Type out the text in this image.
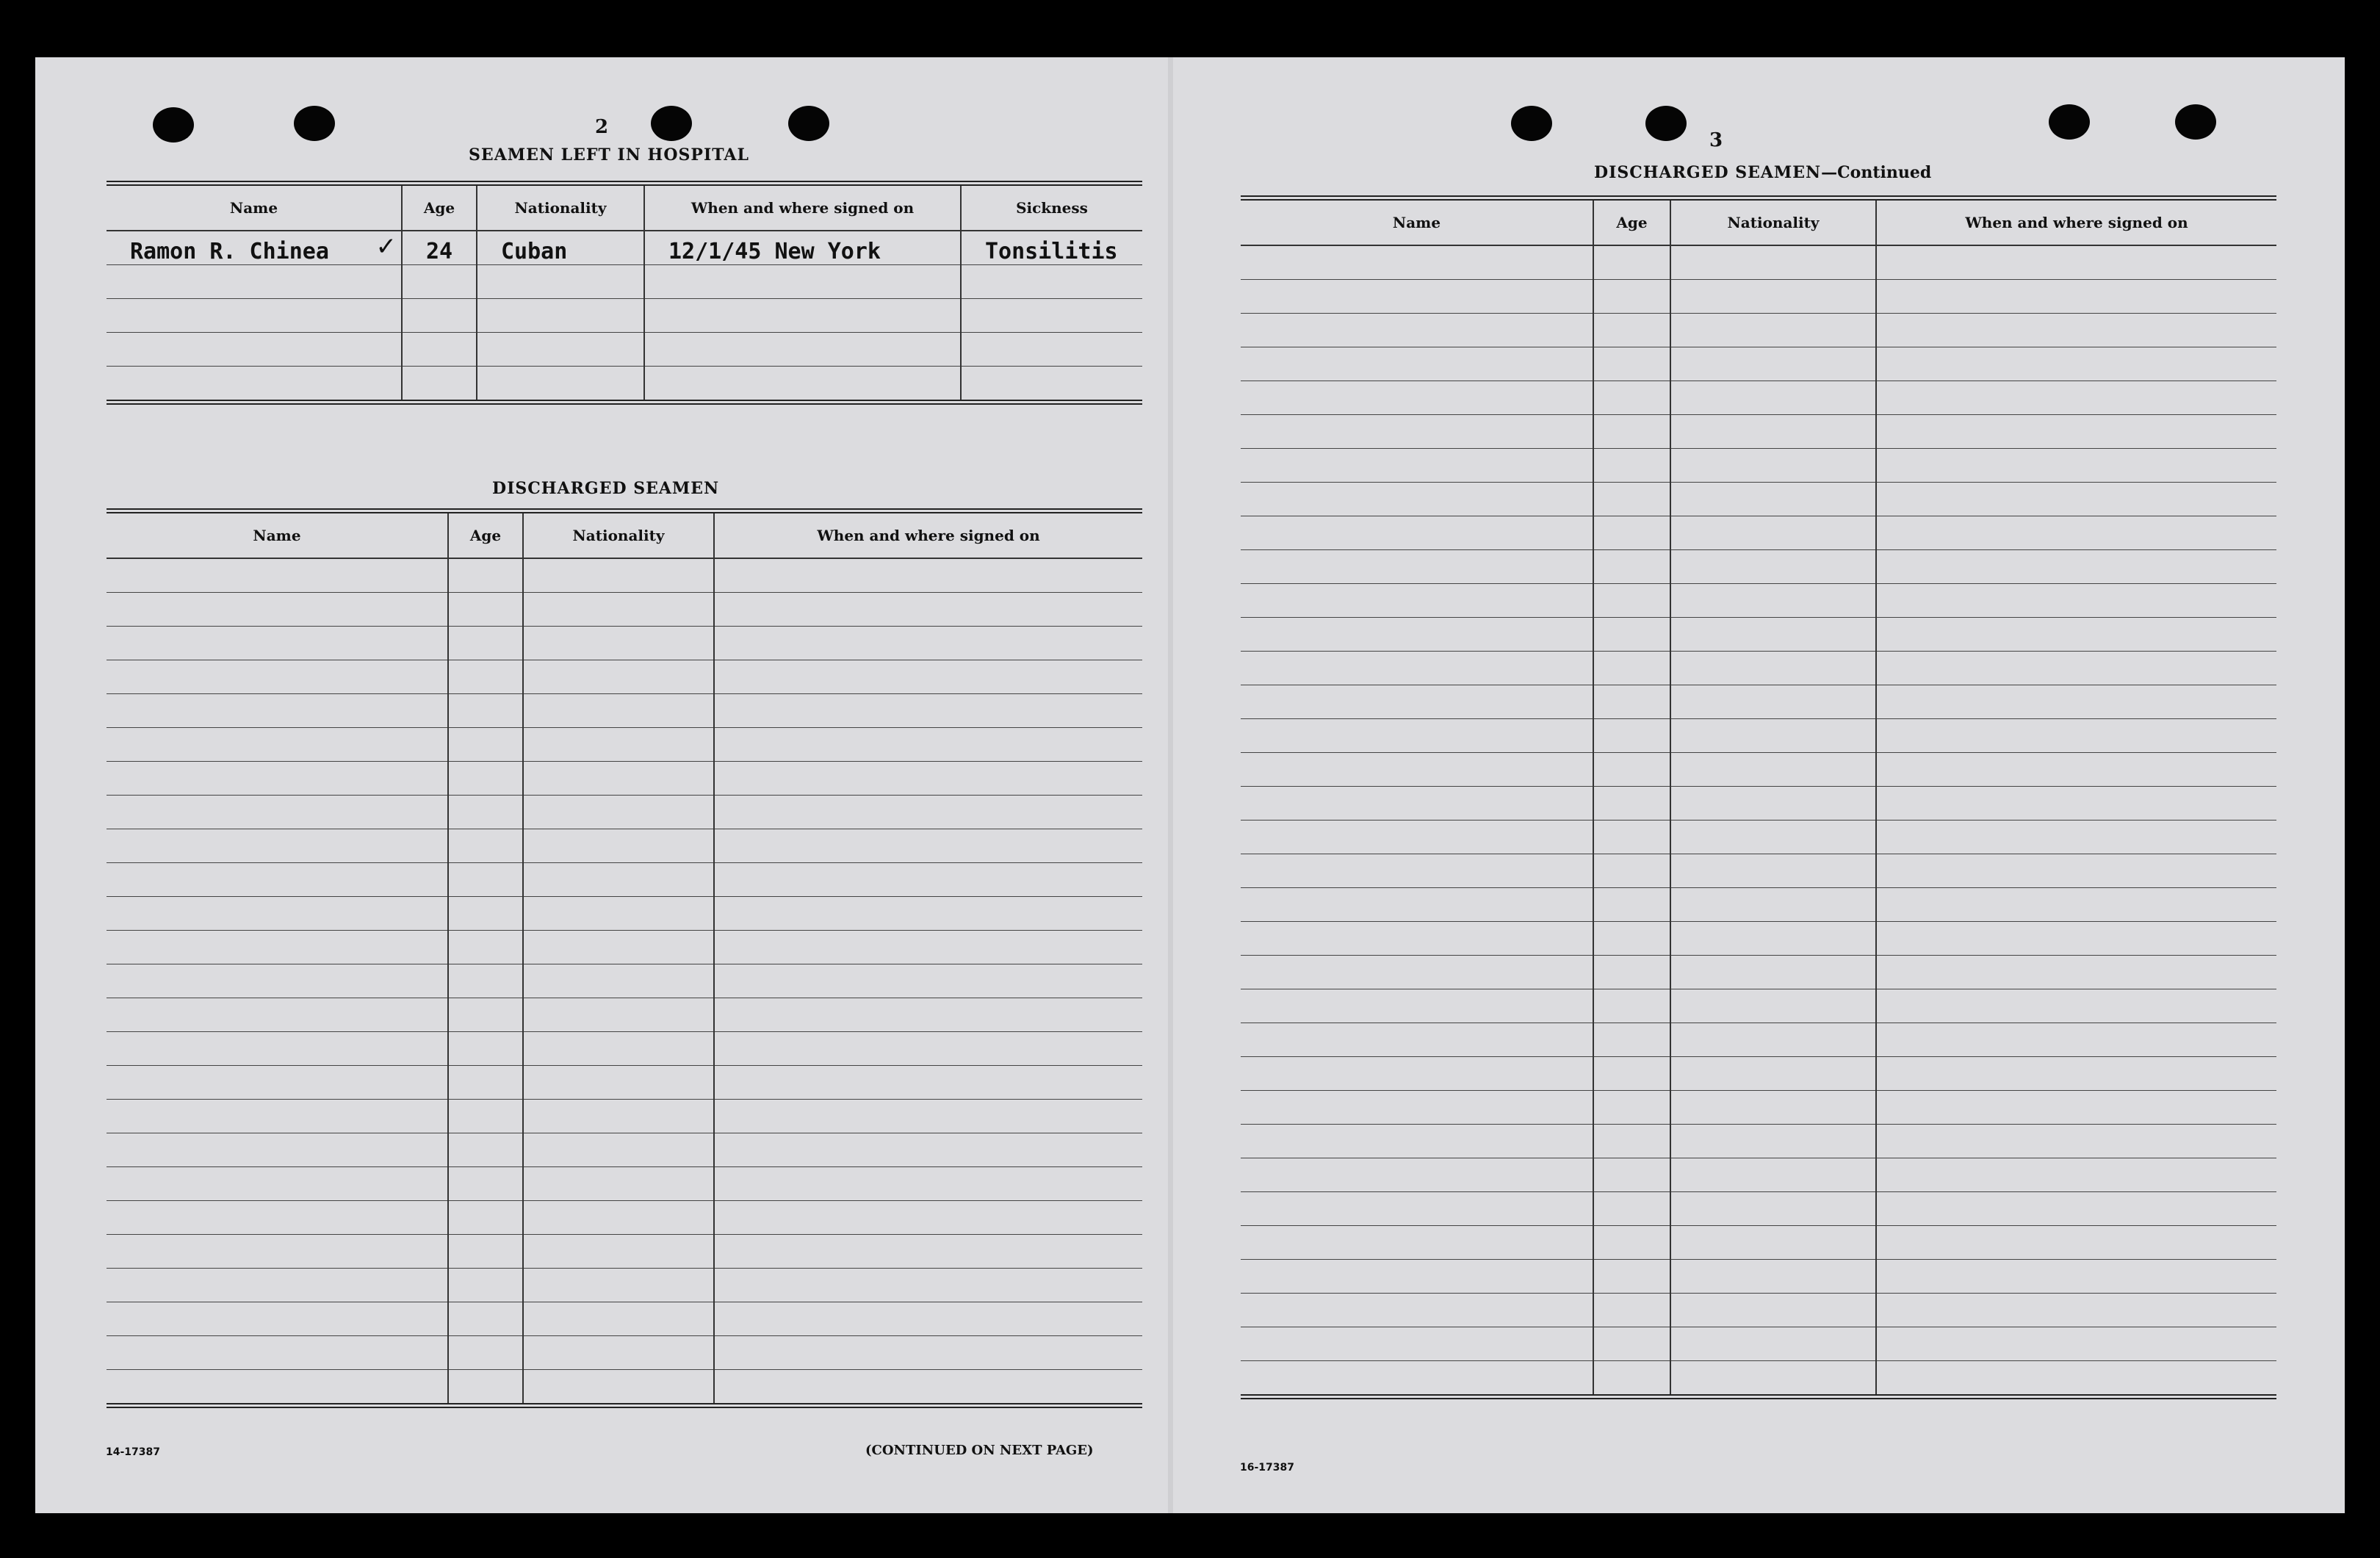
2
SEAMEN LEFT IN HOSPITAL
Name	Age	Nationality	When and where signed on	Sickness
Ramon R. Chinea ✓	24	Cuban	12/1/45 New York	Tonsilitis

DISCHARGED SEAMEN
Name	Age	Nationality	When and where signed on

14-17387	(CONTINUED ON NEXT PAGE)
3
DISCHARGED SEAMEN—Continued
Name	Age	Nationality	When and where signed on

16-17387
